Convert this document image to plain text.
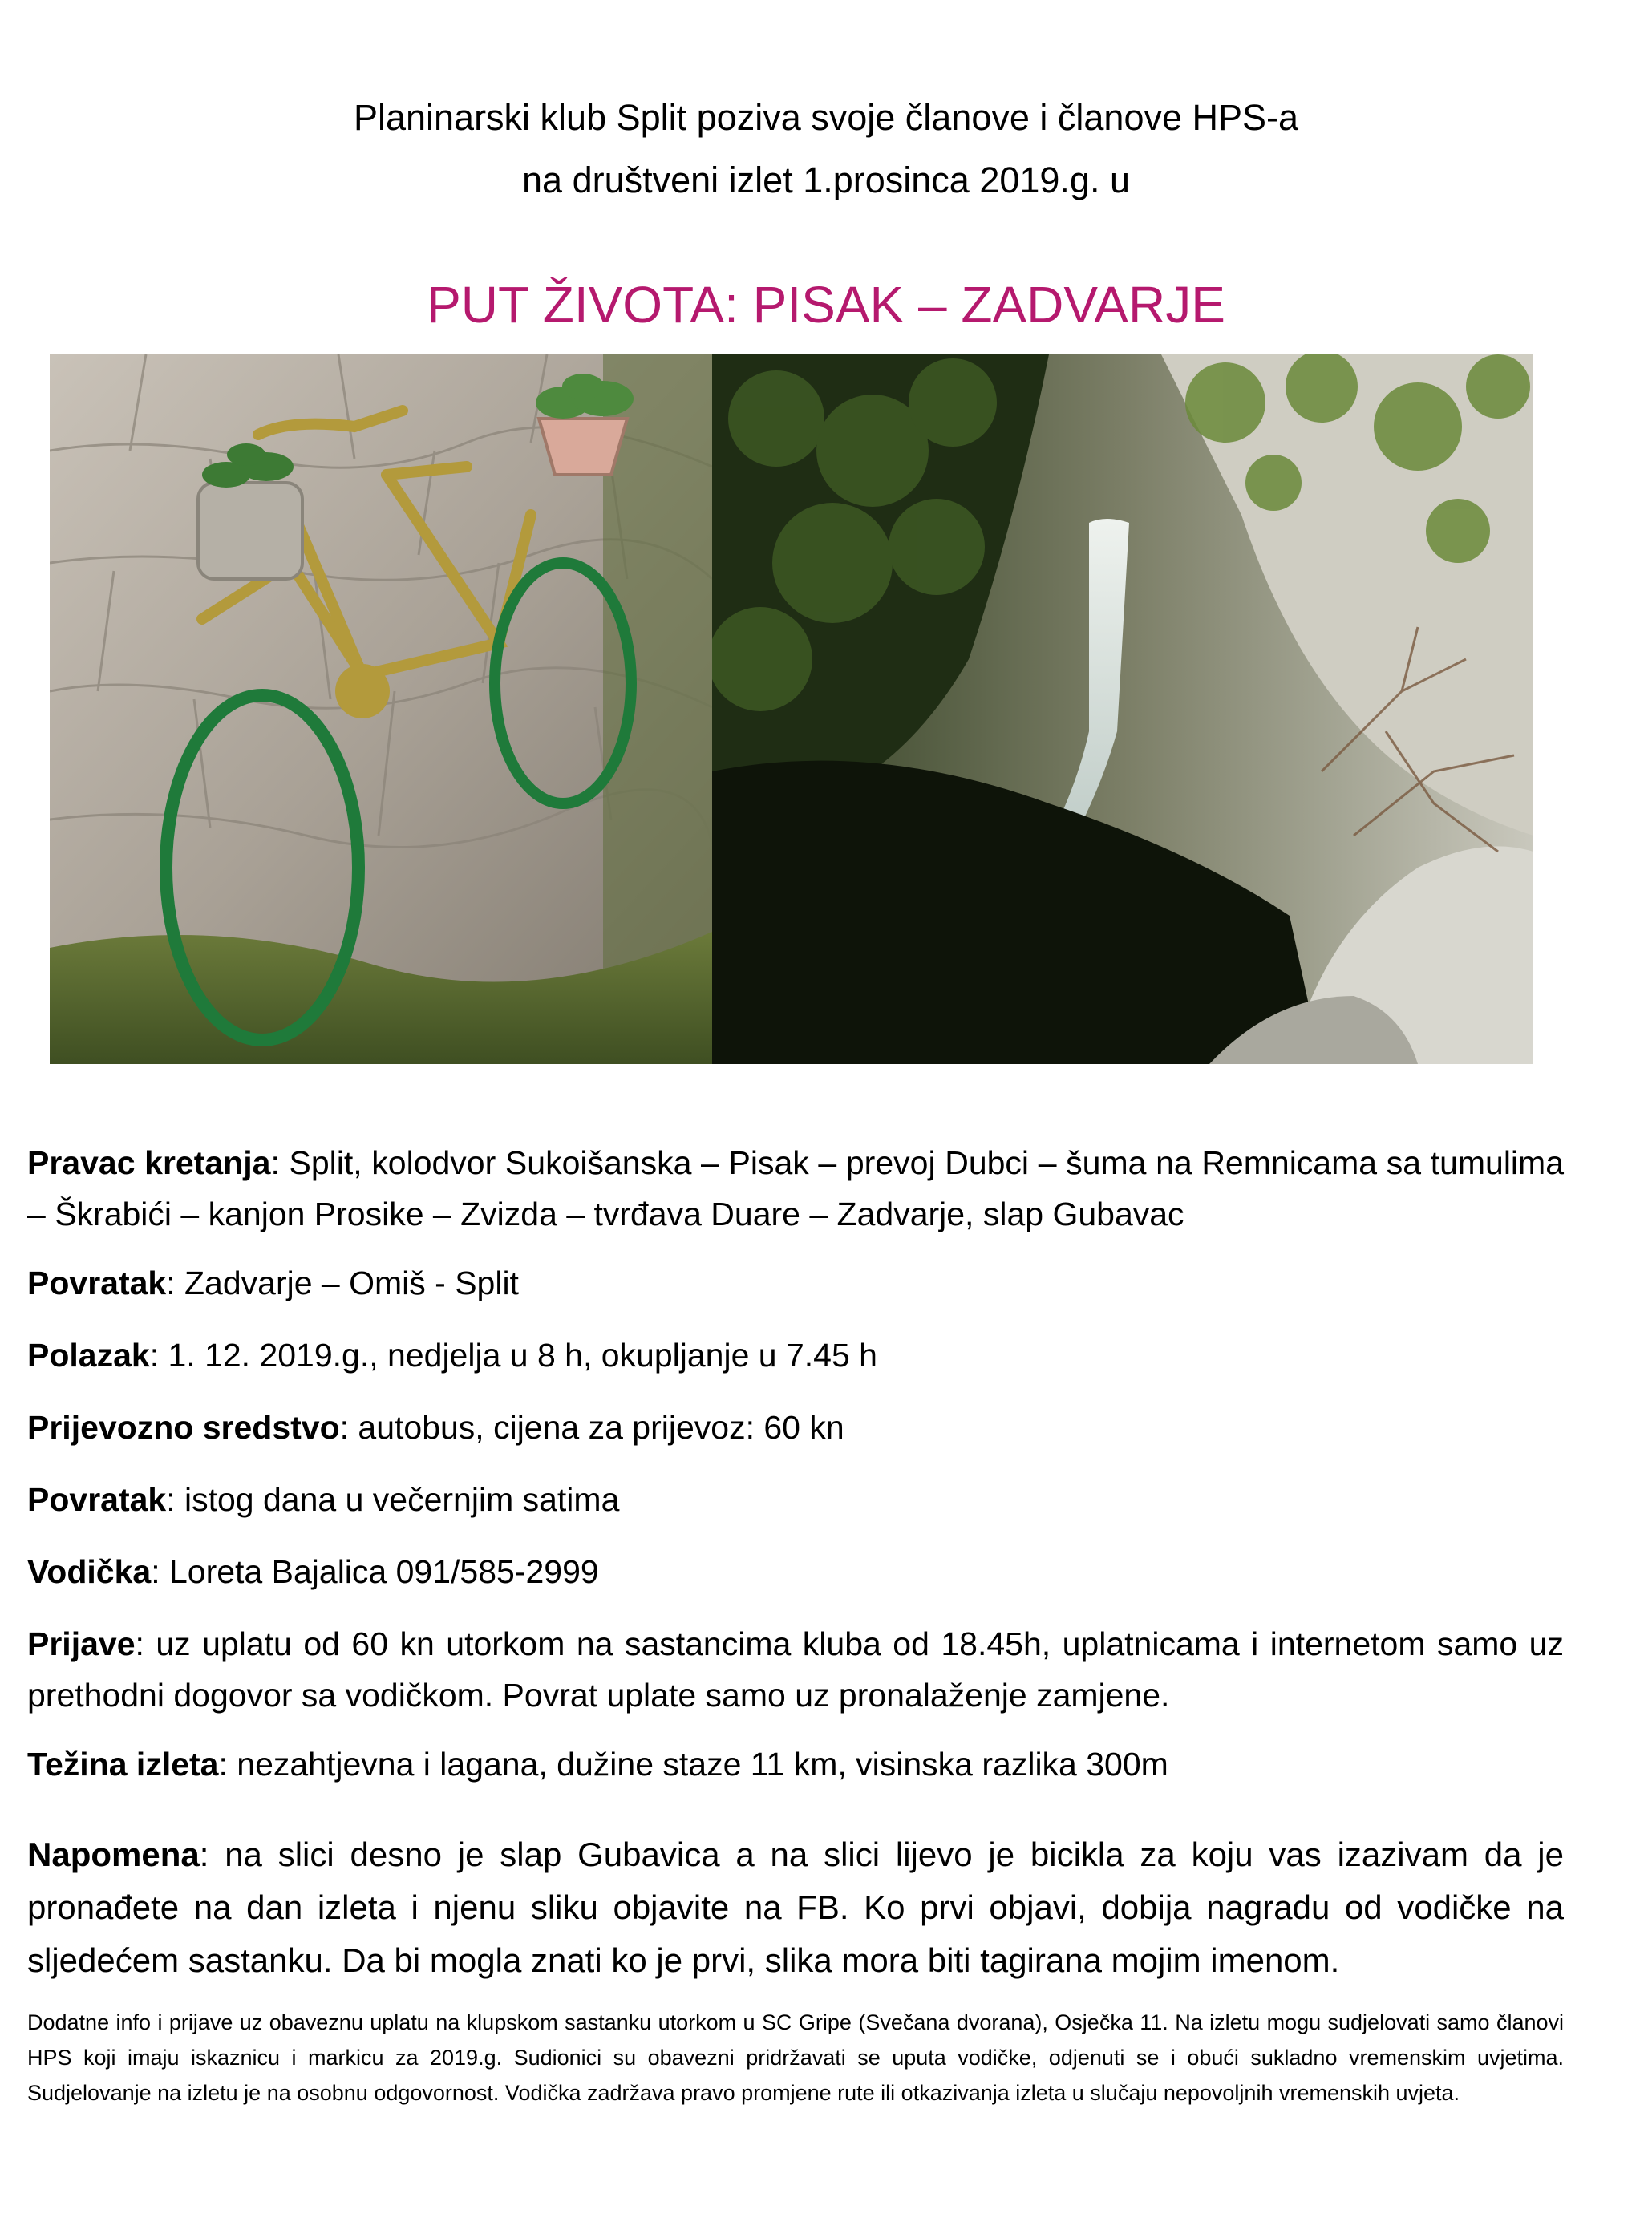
Planinarski klub Split poziva svoje članove i članove HPS-a
na društveni izlet 1.prosinca 2019.g. u
PUT ŽIVOTA: PISAK – ZADVARJE

Pravac kretanja: Split, kolodvor Sukoišanska – Pisak – prevoj Dubci – šuma na Remnicama sa tumulima – Škrabići – kanjon Prosike – Zvizda – tvrđava Duare – Zadvarje, slap Gubavac

Povratak: Zadvarje – Omiš - Split

Polazak: 1. 12. 2019.g., nedjelja u 8 h, okupljanje u 7.45 h

Prijevozno sredstvo: autobus, cijena za prijevoz: 60 kn

Povratak: istog dana u večernjim satima

Vodička: Loreta Bajalica 091/585-2999

Prijave: uz uplatu od 60 kn utorkom na sastancima kluba od 18.45h, uplatnicama i internetom samo uz prethodni dogovor sa vodičkom. Povrat uplate samo uz pronalaženje zamjene.

Težina izleta: nezahtjevna i lagana, dužine staze 11 km, visinska razlika 300m

Napomena: na slici desno je slap Gubavica a na slici lijevo je bicikla za koju vas izazivam da je pronađete na dan izleta i njenu sliku objavite na FB. Ko prvi objavi, dobija nagradu od vodičke na sljedećem sastanku. Da bi mogla znati ko je prvi, slika mora biti tagirana mojim imenom.

Dodatne info i prijave uz obaveznu uplatu na klupskom sastanku utorkom u SC Gripe (Svečana dvorana), Osječka 11. Na izletu mogu sudjelovati samo članovi HPS koji imaju iskaznicu i markicu za 2019.g. Sudionici su obavezni pridržavati se uputa vodičke, odjenuti se i obući sukladno vremenskim uvjetima. Sudjelovanje na izletu je na osobnu odgovornost. Vodička zadržava pravo promjene rute ili otkazivanja izleta u slučaju nepovoljnih vremenskih uvjeta.
